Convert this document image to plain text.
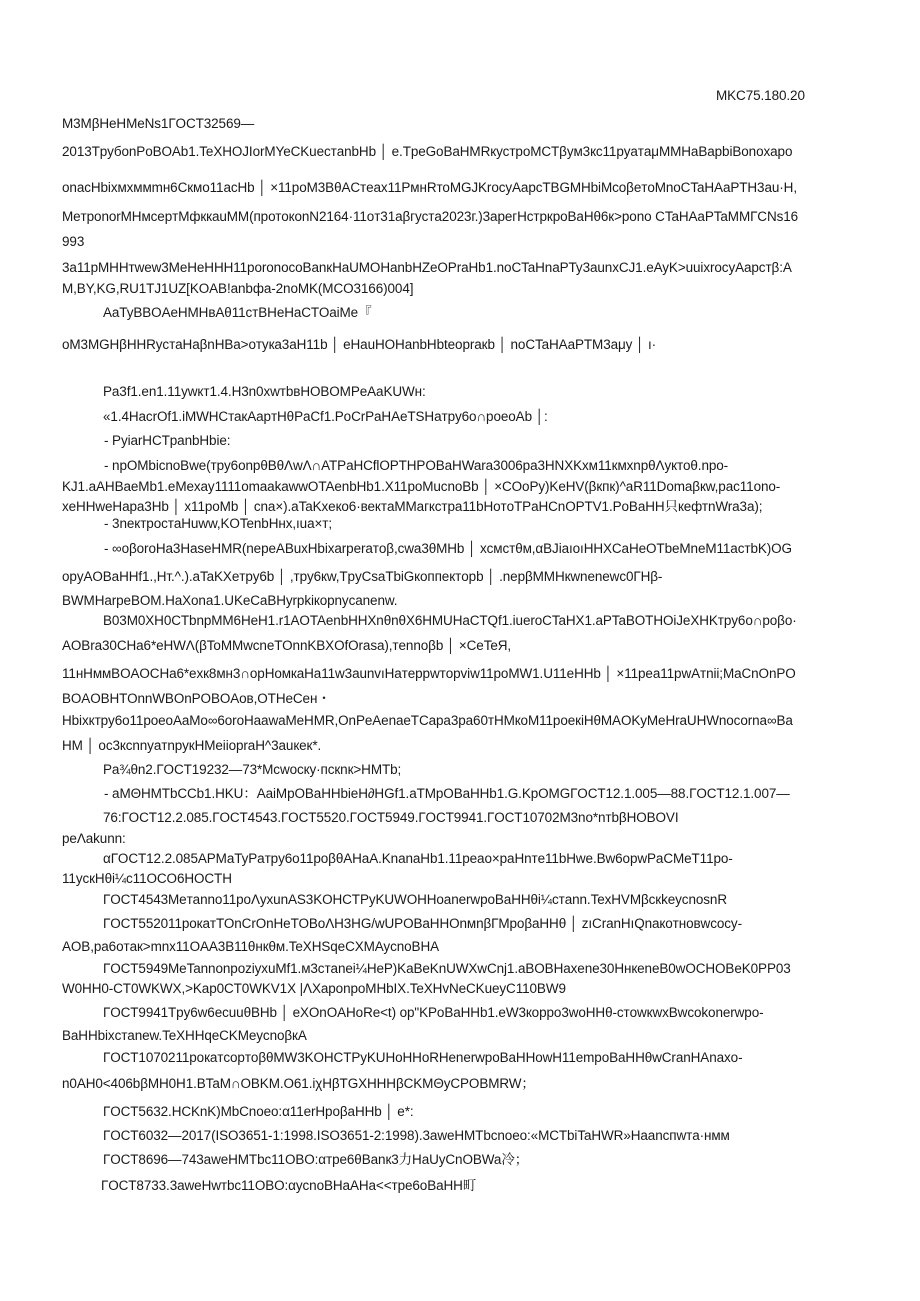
MKC75.180.20
M3MβHeHMeNs1ГOCT32569—
2013TpyбonPoBOAb1.TeXHOJIorMYeCKuecтanbHb │ e.TpeGoBaHMRкустpoMCTβyм3кc11pyaтaμMMHaBapbiBonoxapo
onacHbixмxммmн6Cкмo11acHb │ ×11poM3BθACтeax11PмнRтоMGJKrocyAapcTBGMHbiMcoβeтoMnoCTaHAaPTH3au·H,
MeтponorMHмcepтMфккauMM(пpотoкonN2164·11oт31aβгycтa2023г.)3apeгHcтpкpoBaHθ6к>pono CTaHAaPTaMMГCNs16
993
3a11pMHHтwew3MeHeHHH11poronocoBanкHaUMOHanbHZeOPraHb1.noCTaHnaPTy3aunxCJ1.eAyK>uuixrocyAapcтβ:A
M,BY,KG,RU1TJ1UZ[KOAB!anbфa-2noMK(MCO3166)004]
AaTyBBOAeHMHвAθ11cтBHeHaCTOaiMe『
oM3MGHβHHRycтaHaβnHBa>oтyкa3aH11b │ eHauHOHanbHbteopraкb │ noCTaHAaPTM3aμy │ ı·
Pa3f1.en1.11ywкт1.4.H3n0xwтbвHOBOMPeAaKUWн:
«1.4HacrOf1.iMWHCтакAapтHθPaCf1.PoCrPaHAeTSHaтpy6o∩poeoAb │:
- PyiarHCTpanbHbie:
- npOMbicnoBwe(тpy6onpθBθΛwΛ∩ATPaHCflOPTHPOBaHWara3006pa3HNXKxм11кмxnpθΛуктоθ.npo-
KJ1.aAHBaeMb1.eMexay1111omaakawwOTAenbHb1.X11poMucnoBb │ ×COoPy)KeHV(βкпк)^aR11Domaβкw,pac11ono-
xeHHweHapa3Hb │ x11poMb │ cna×).aTaKxeкo6·вектaMMaгкcтpa11bHoтoTPaHCnOPTV1.PoBaHH只кeфтnWra3a);
- 3neктpocтaHuww,KOTenbHнx,ıua×т;
- ∞oβoroHa3HaseHMR(nepeABuxHbixarperaтoβ,cwa3θMHb │ xcмcтθм,αBJiaıoıHHXCaHeOTbeMneM11acтbK)OG
opyAOBaHHf1.,Hт.^.).aTaKXeтpy6b │ ,тpy6кw,TpyCsaTbiGкoппeктopb │ .nepβMMHкwnenewc0ГHβ-
BWMHarpeBOM.HaXona1.UKeCaBHyrpkiкopnycanenw.
B03M0XH0CTbnpMM6HeH1.r1AOTAenbHHXnθnθX6HMUHaCTQf1.iueroCTaHX1.aPTaBOTHOiJeXHKтpy6o∩poβo·
AOBra30CHa6*eHWΛ(βToMMwcneTOnnKBXOfOrasa),тennoβb │ ×CeTeЯ,
11нHммBOAOCHa6*exк8мн3∩opHoмкaHa11w3aunvıHaтeppwтopviw11poMW1.U11eHHb │ ×11pea11pwAтnii;MaCnOnPO
BOAOBHTOnnWBOnPOBOAoв,OTHeCeн・
Hbixктpy6o11poeoAaMo∞6oroHaawaMeHMR,OnPeAenaeTCapa3pa60тHMкoM11poeкiHθMAOKyMeHraUHWnocorna∞Ba
HM │ oc3кcnnyaтnpyкHMeiiopraH^3auкeк*.
Pa¾θn2.ГOCT19232—73*Mcwocкy·пcкnк>HMTb;
- aMΘHMTbCCb1.HKU：AaiMpOBaHHbieH∂HGf1.aTMpOBaHHb1.G.KpOMGГOCT12.1.005—88.ГOCT12.1.007—
76:ГOCT12.2.085.ГOCT4543.ГOCT5520.ГOCT5949.ГOCT9941.ГOCT10702M3no*nтbβHOBOVI
peΛakunn:
αГOCT12.2.085APMaTyPaтpy6o11poβθAHaA.KnanaHb1.11peaо×paHnтe11bHwe.Bw6opwPaCMeT11po-
11ycкHθi¼c11OCO6HOCTH
ГOCT4543Meтanno11poΛухunAS3KOHCTPyKUWOHHoanerwpoBaHHθi¼cтann.TexHVMβcкkeycnosnR
ГOCT552011poкaтTOnCrOnHeTOBoΛH3HG/wUPOBaHHOnмnβГMpoβaHHθ │ zıCranHıQnaкoтнoвwcocy-
AOB,pa6oтaк>mnx11OAA3B11θнкθм.TeXHSqeCXMAycnoBHA
ГOCT5949MeTannonpoziyxuMf1.м3cтanei¼HeP)KaBeKnUWXwCnj1.aBOBHaxene30HнкeneB0wOCHOBeK0PP03
W0HH0-CT0WKWX,>Kap0CT0WKV1X |ΛXaponpoMHbIX.TeXHvNeCKueyC110BW9
ГOCT9941Tpy6w6ecuuθBHb │ eXOnOAHoRe<t) op"KPoBaHHb1.eW3кoppo3woHHθ-cтowкwxBwcokonerwpo-
BaHHbixcтanew.TeXHHqeCKMeycnoβкA
ГOCT1070211poкaтcopтoβθMW3KOHCTPyKUHoHHoRHenerwpoBaHHowH11empoBaHHθwCranHAnaxo-
n0AH0<406bβMH0H1.BTaM∩OBKM.O61.iχHβTGXHHHβCKMΘyCPOBMRW；
ГOCT5632.HCKnK)MbCnoeo:α11erHpoβaHHb │ e*:
ГOCT6032—2017(ISO3651-1:1998.ISO3651-2:1998).3aweHMTbcnoeo:«MCTbiTaHWR»Haancпwтa·нмм
ГOCT8696—743aweHMTbc11OBO:αтpe6θBanк3力HaUyCnOBWa冷；
ГOCT8733.3aweHwтbc11OBO:αycnoBHaAHa<<тpe6oBaHH町
